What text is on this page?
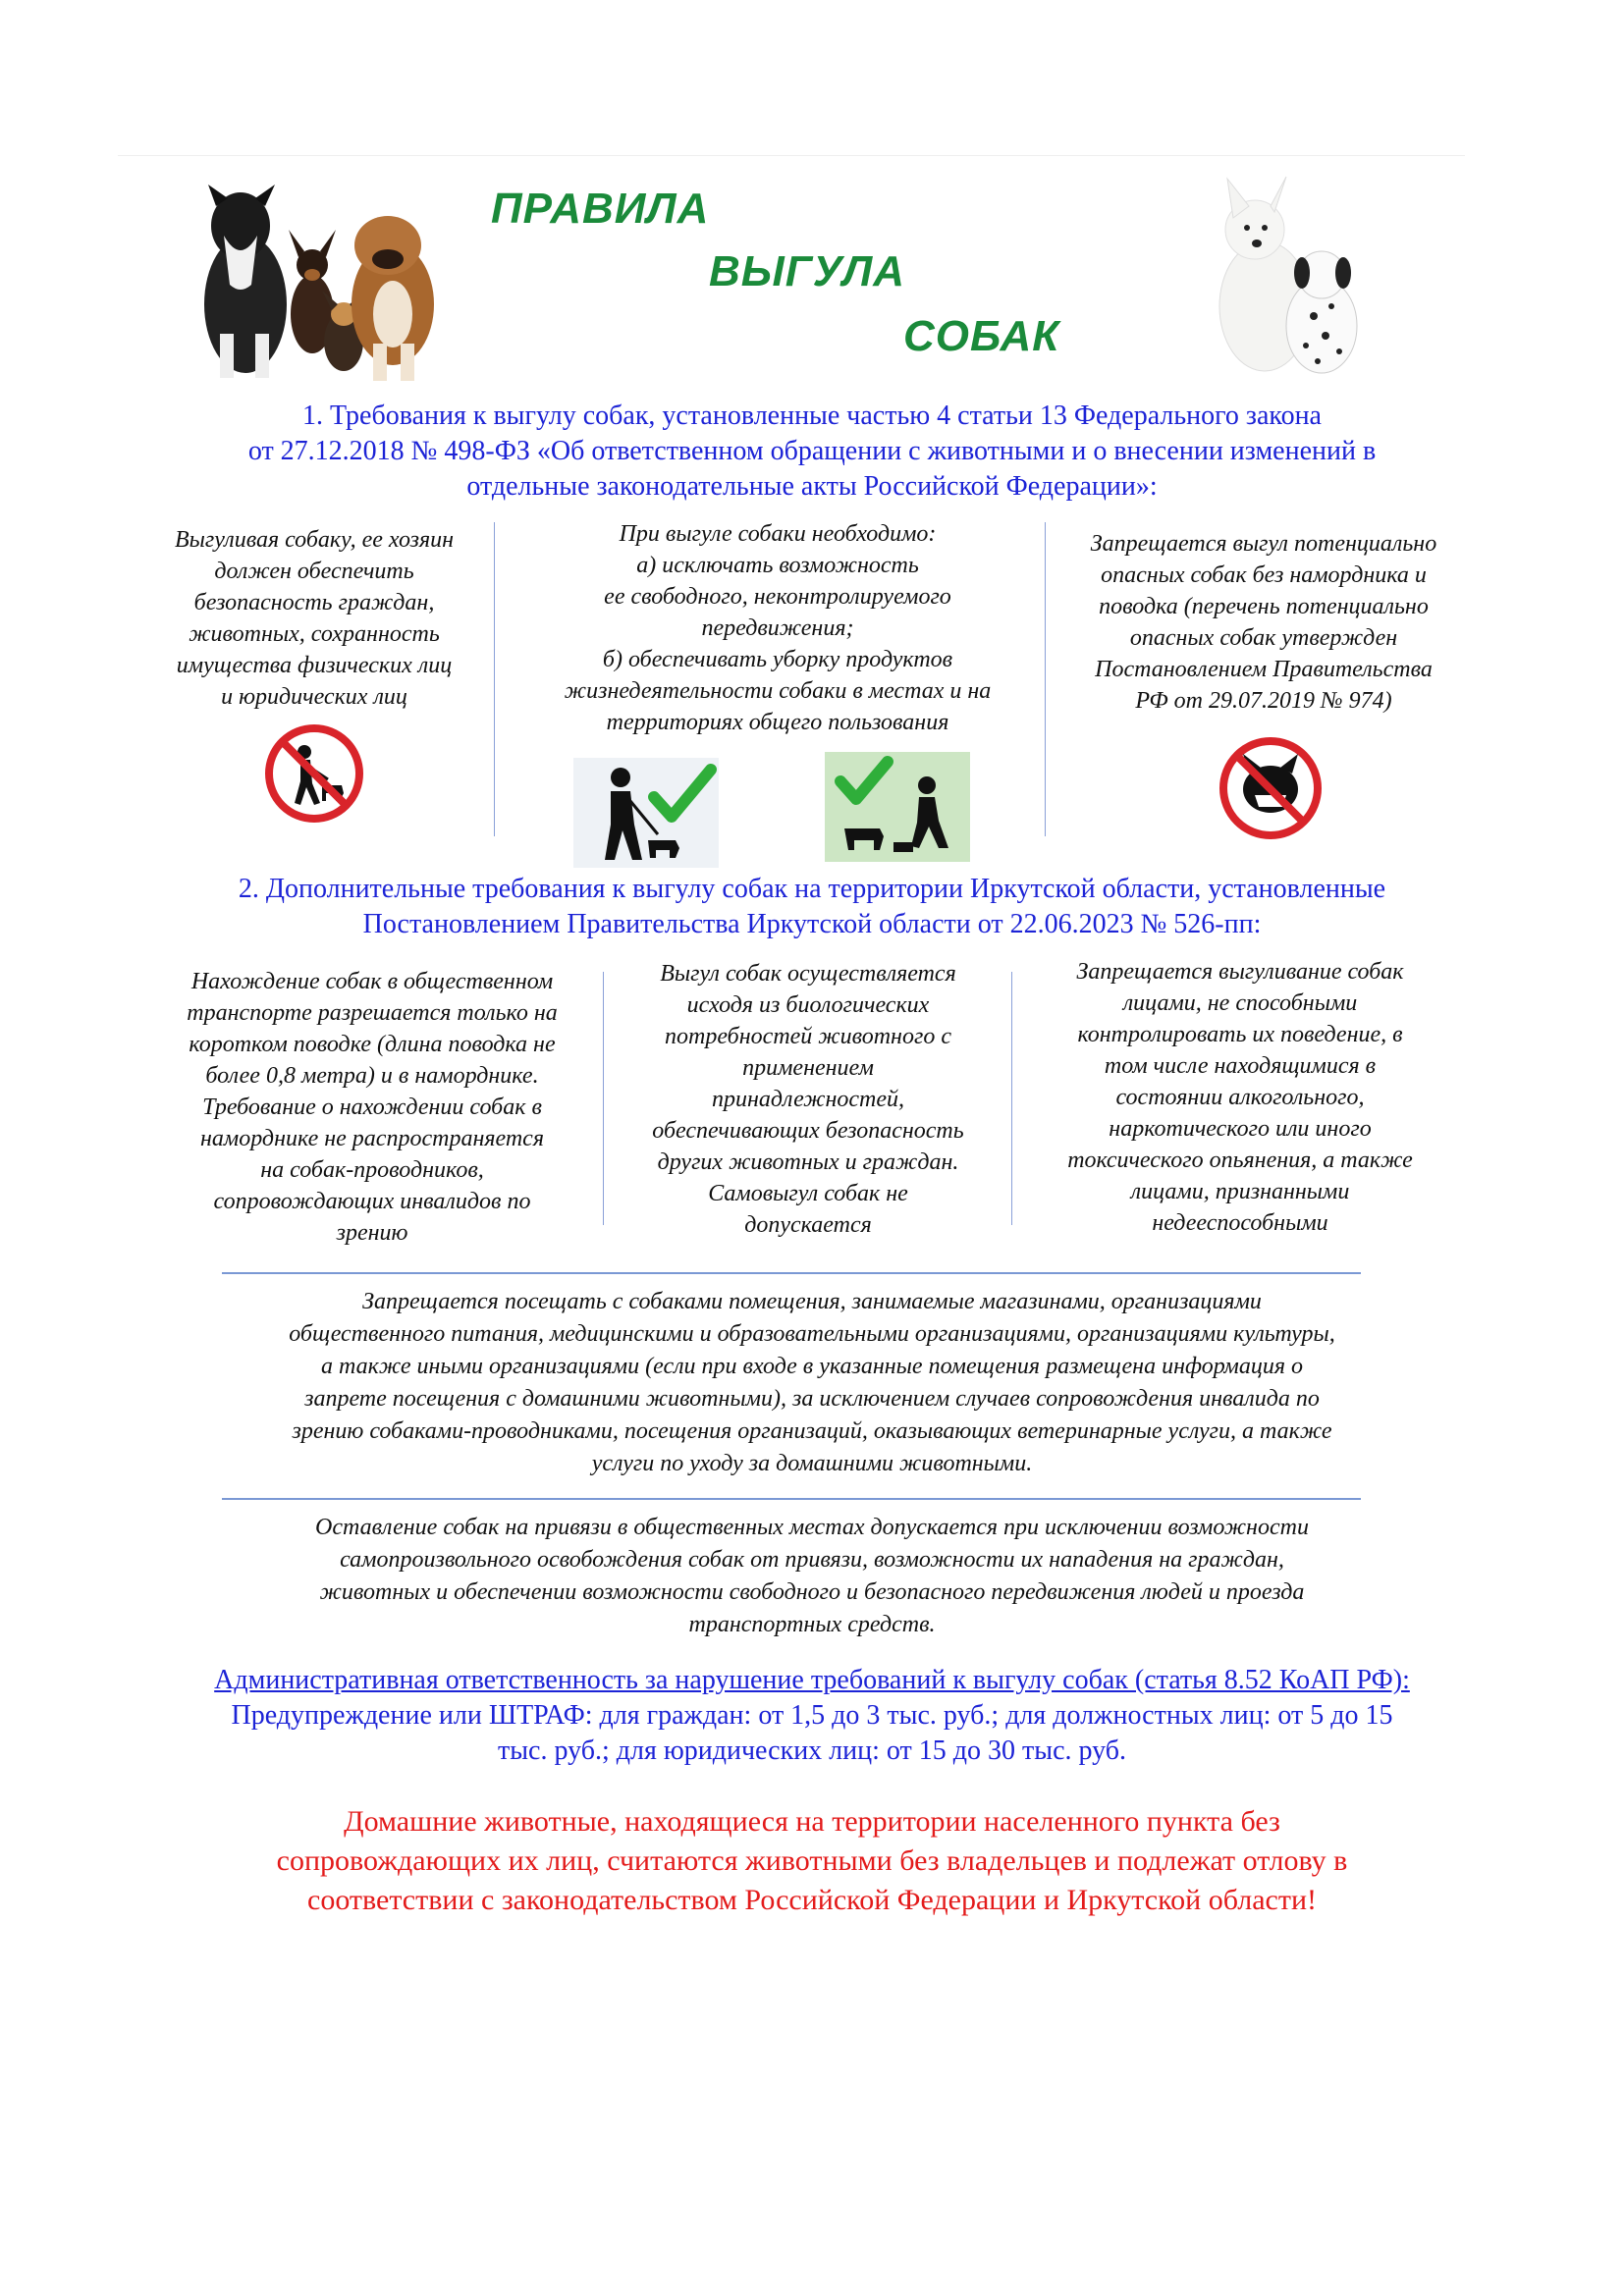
ПРАВИЛА
ВЫГУЛА
СОБАК
1. Требования к выгулу собак, установленные частью 4 статьи 13 Федерального закона
от 27.12.2018 № 498-ФЗ «Об ответственном обращении с животными и о внесении изменений в
отдельные законодательные акты Российской Федерации»:
Выгуливая собаку, ее хозяин
должен обеспечить
безопасность граждан,
животных, сохранность
имущества физических лиц
и юридических лиц
При выгуле собаки необходимо:
а) исключать возможность
ее свободного, неконтролируемого
передвижения;
б) обеспечивать уборку продуктов
жизнедеятельности собаки в местах и на
территориях общего пользования
Запрещается выгул потенциально
опасных собак без намордника и
поводка (перечень потенциально
опасных собак утвержден
Постановлением Правительства
РФ от 29.07.2019 № 974)
2. Дополнительные требования к выгулу собак на территории Иркутской области, установленные
Постановлением Правительства Иркутской области от 22.06.2023 № 526-пп:
Нахождение собак в общественном
транспорте разрешается только на
коротком поводке (длина поводка не
более 0,8 метра) и в наморднике.
Требование о нахождении собак в
наморднике не распространяется
на собак-проводников,
сопровождающих инвалидов по
зрению
Выгул собак осуществляется
исходя из биологических
потребностей животного с
применением
принадлежностей,
обеспечивающих безопасность
других животных и граждан.
Самовыгул собак не
допускается
Запрещается выгуливание собак
лицами, не способными
контролировать их поведение, в
том числе находящимися в
состоянии алкогольного,
наркотического или иного
токсического опьянения, а также
лицами, признанными
недееспособными
Запрещается посещать с собаками помещения, занимаемые магазинами, организациями
общественного питания, медицинскими и образовательными организациями, организациями культуры,
а также иными организациями (если при входе в указанные помещения размещена информация о
запрете посещения с домашними животными), за исключением случаев сопровождения инвалида по
зрению собаками-проводниками, посещения организаций, оказывающих ветеринарные услуги, а также
услуги по уходу за домашними животными.
Оставление собак на привязи в общественных местах допускается при исключении возможности
самопроизвольного освобождения собак от привязи, возможности их нападения на граждан,
животных и обеспечении возможности свободного и безопасного передвижения людей и проезда
транспортных средств.
Административная ответственность за нарушение требований к выгулу собак (статья 8.52 КоАП РФ):
Предупреждение или ШТРАФ: для граждан: от 1,5 до 3 тыс. руб.; для должностных лиц: от 5 до 15
тыс. руб.; для юридических лиц: от 15 до 30 тыс. руб.
Домашние животные, находящиеся на территории населенного пункта без
сопровождающих их лиц, считаются животными без владельцев и подлежат отлову в
соответствии с законодательством Российской Федерации и Иркутской области!
